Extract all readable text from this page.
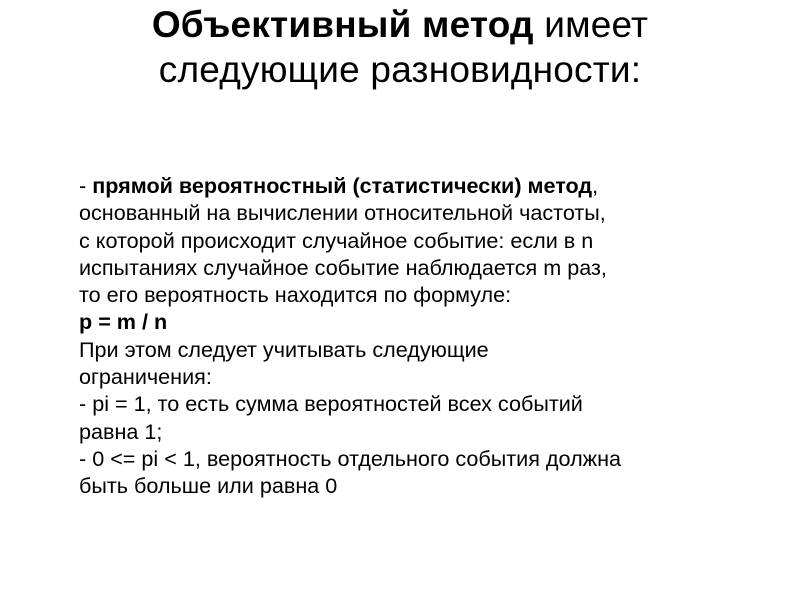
Объективный метод имеет
следующие разновидности:
- прямой вероятностный (статистически) метод,
основанный на вычислении относительной частоты,
с которой происходит случайное событие: если в n
испытаниях случайное событие наблюдается m раз,
то его вероятность находится по формуле:
p = m / n
При этом следует учитывать следующие
ограничения:
- pi = 1, то есть сумма вероятностей всех событий
равна 1;
- 0 <= pi < 1, вероятность отдельного события должна
быть больше или равна 0
